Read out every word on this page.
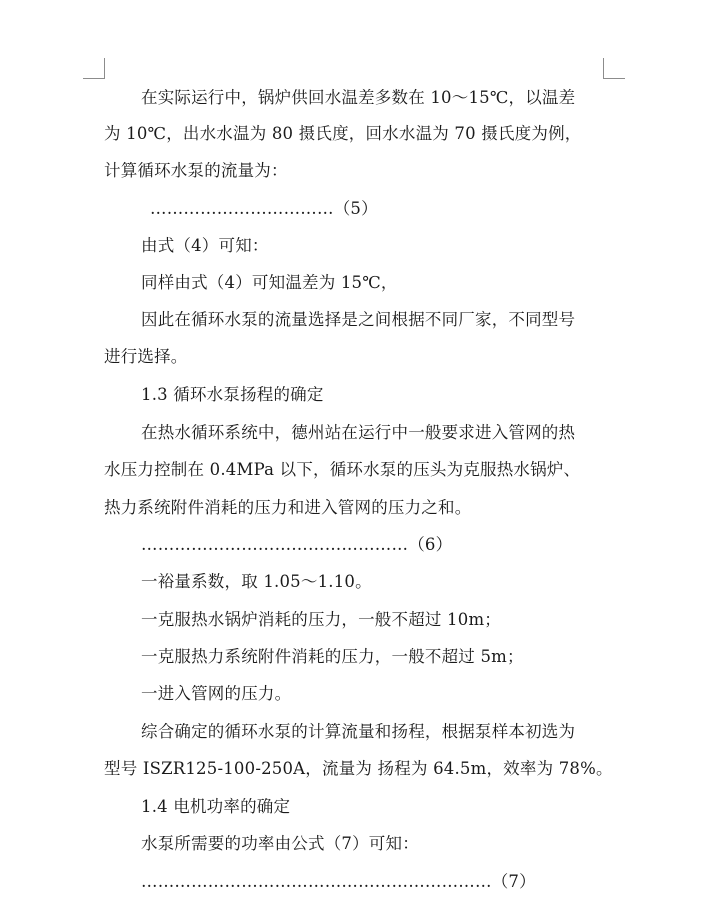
在实际运行中，锅炉供回水温差多数在 10～15℃，以温差
为 10℃，出水水温为 80 摄氏度，回水水温为 70 摄氏度为例，
计算循环水泵的流量为：
……………………………（5）
由式（4）可知：
同样由式（4）可知温差为 15℃，
因此在循环水泵的流量选择是之间根据不同厂家，不同型号
进行选择。
1.3 循环水泵扬程的确定
在热水循环系统中，德州站在运行中一般要求进入管网的热
水压力控制在 0.4MPa 以下，循环水泵的压头为克服热水锅炉、
热力系统附件消耗的压力和进入管网的压力之和。
…………………………………………（6）
一裕量系数，取 1.05～1.10。
一克服热水锅炉消耗的压力，一般不超过 10m；
一克服热力系统附件消耗的压力，一般不超过 5m；
一进入管网的压力。
综合确定的循环水泵的计算流量和扬程，根据泵样本初选为
型号 ISZR125-100-250A，流量为 扬程为 64.5m，效率为 78%。
1.4 电机功率的确定
水泵所需要的功率由公式（7）可知：
………………………………………………………（7）
